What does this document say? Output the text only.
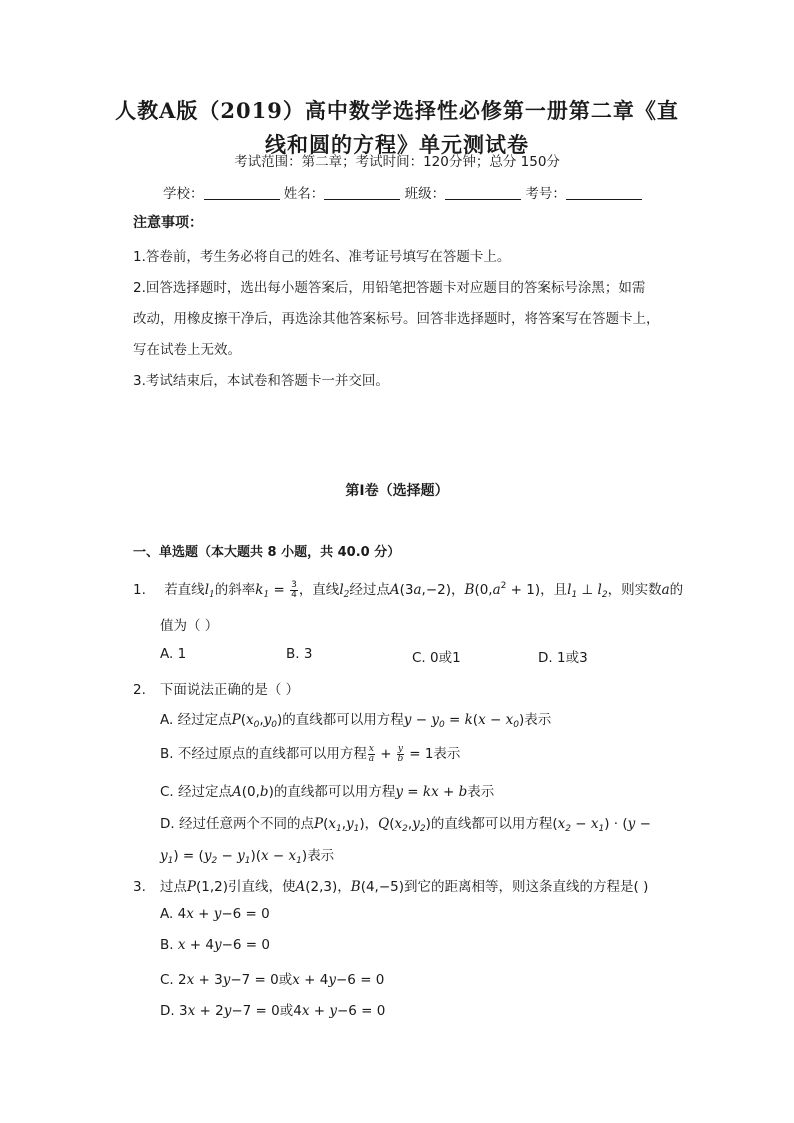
人教A版（2019）高中数学选择性必修第一册第二章《直
线和圆的方程》单元测试卷
考试范围：第二章；考试时间：120分钟；总分 150分
学校：	姓名：	班级：	考号：
注意事项：
1.答卷前，考生务必将自己的姓名、准考证号填写在答题卡上。
2.回答选择题时，选出每小题答案后，用铅笔把答题卡对应题目的答案标号涂黑；如需
改动，用橡皮擦干净后，再选涂其他答案标号。回答非选择题时，将答案写在答题卡上，
写在试卷上无效。
3.考试结束后，本试卷和答题卡一并交回。
第I卷（选择题）
一、单选题（本大题共 8 小题，共 40.0 分）
1. 若直线$l_1$的斜率$k_1 = \frac{3}{4}$ ，直线$l_2$经过点A(3a,−2)，$B(0,a^2 + 1)$，且$l_1$ ⊥ $l_2$，则实数a的
值为（ ）
A. 1	B. 3	C. 0或1	D. 1或3
2. 下面说法正确的是（ ）
A. 经过定点$P(x_0,y_0)$的直线都可以用方程$y - y_0 = k(x - x_0)$表示
B. 不经过原点的直线都可以用方程 $\frac{x}{a} + \frac{y}{b} = 1$表示
C. 经过定点A(0,b)的直线都可以用方程y = kx + b表示
D. 经过任意两个不同的点$P(x_1,y_1)$，$Q(x_2,y_2)$的直线都可以用方程$(x_2 - x_1) \cdot (y$ −
$y_1) = (y_2 - y_1)(x - x_1)$表示
3. 过点P(1,2)引直线，使A(2,3)，B(4,−5)到它的距离相等，则这条直线的方程是( )
A. 4x + y−6 = 0
B. x + 4y−6 = 0
C. 2x + 3y−7 = 0或x + 4y−6 = 0
D. 3x + 2y−7 = 0或4x + y−6 = 0
